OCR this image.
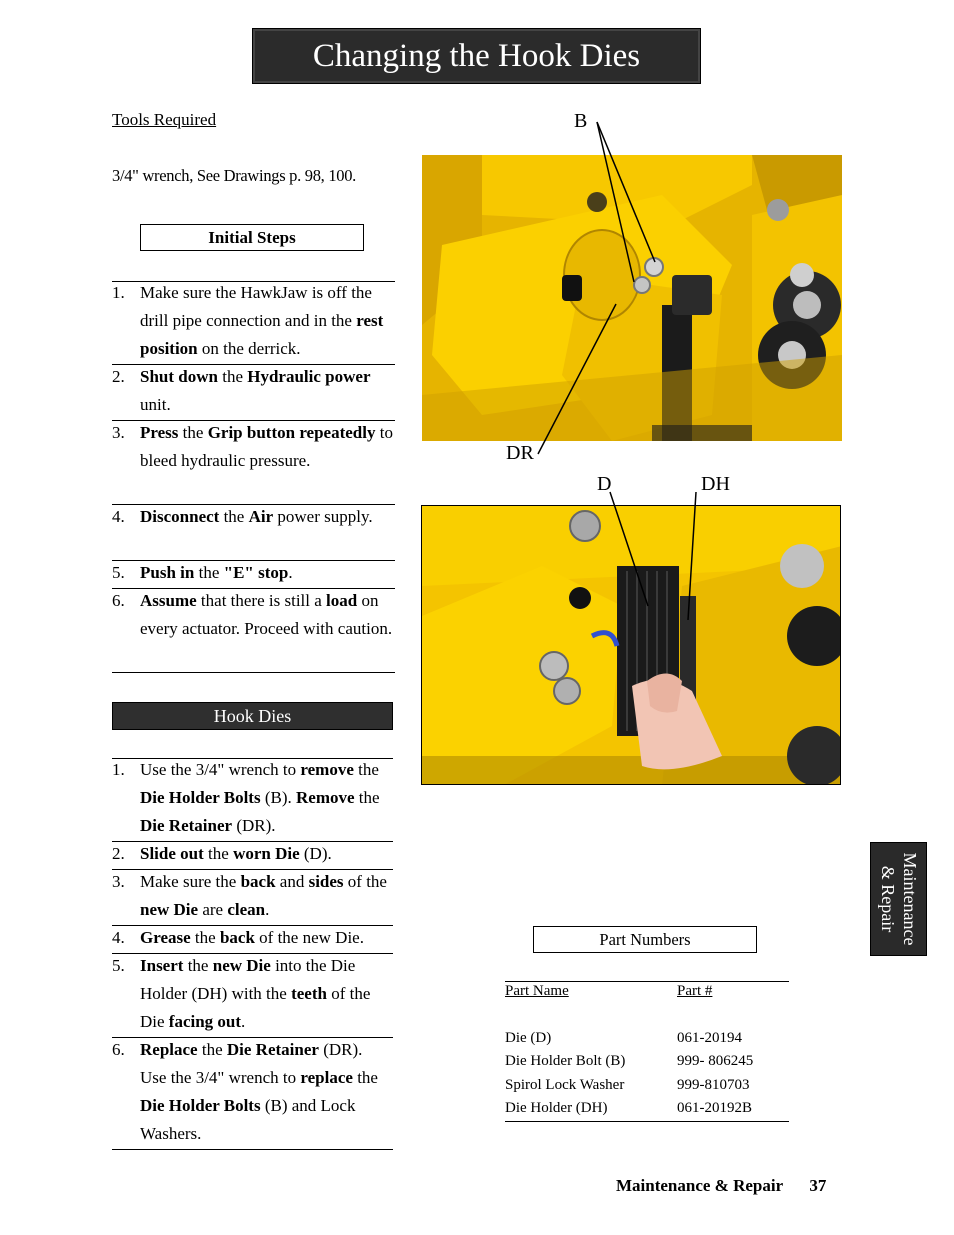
Changing the Hook Dies
Tools Required
3/4" wrench, See Drawings p. 98, 100.
Initial Steps
1. Make sure the HawkJaw is off the drill pipe connection and in the rest position on the derrick.
2. Shut down the Hydraulic power unit.
3. Press the Grip button repeatedly to bleed hydraulic pressure.
4. Disconnect the Air power supply.
5. Push in the "E" stop.
6. Assume that there is still a load on every actuator. Proceed with caution.
Hook Dies
1. Use the 3/4" wrench to remove the Die Holder Bolts (B). Remove the Die Retainer (DR).
2. Slide out the worn Die (D).
3. Make sure the back and sides of the new Die are clean.
4. Grease the back of the new Die.
5. Insert the new Die into the Die Holder (DH) with the teeth of the Die facing out.
6. Replace the Die Retainer (DR). Use the 3/4" wrench to replace the Die Holder Bolts (B) and Lock Washers.
B
DR
D	DH
Maintenance
& Repair
Part Numbers
Part Name	Part #
Die (D)	061-20194
Die Holder Bolt (B)	999- 806245
Spirol Lock Washer	999-810703
Die Holder (DH)	061-20192B
Maintenance & Repair 37
